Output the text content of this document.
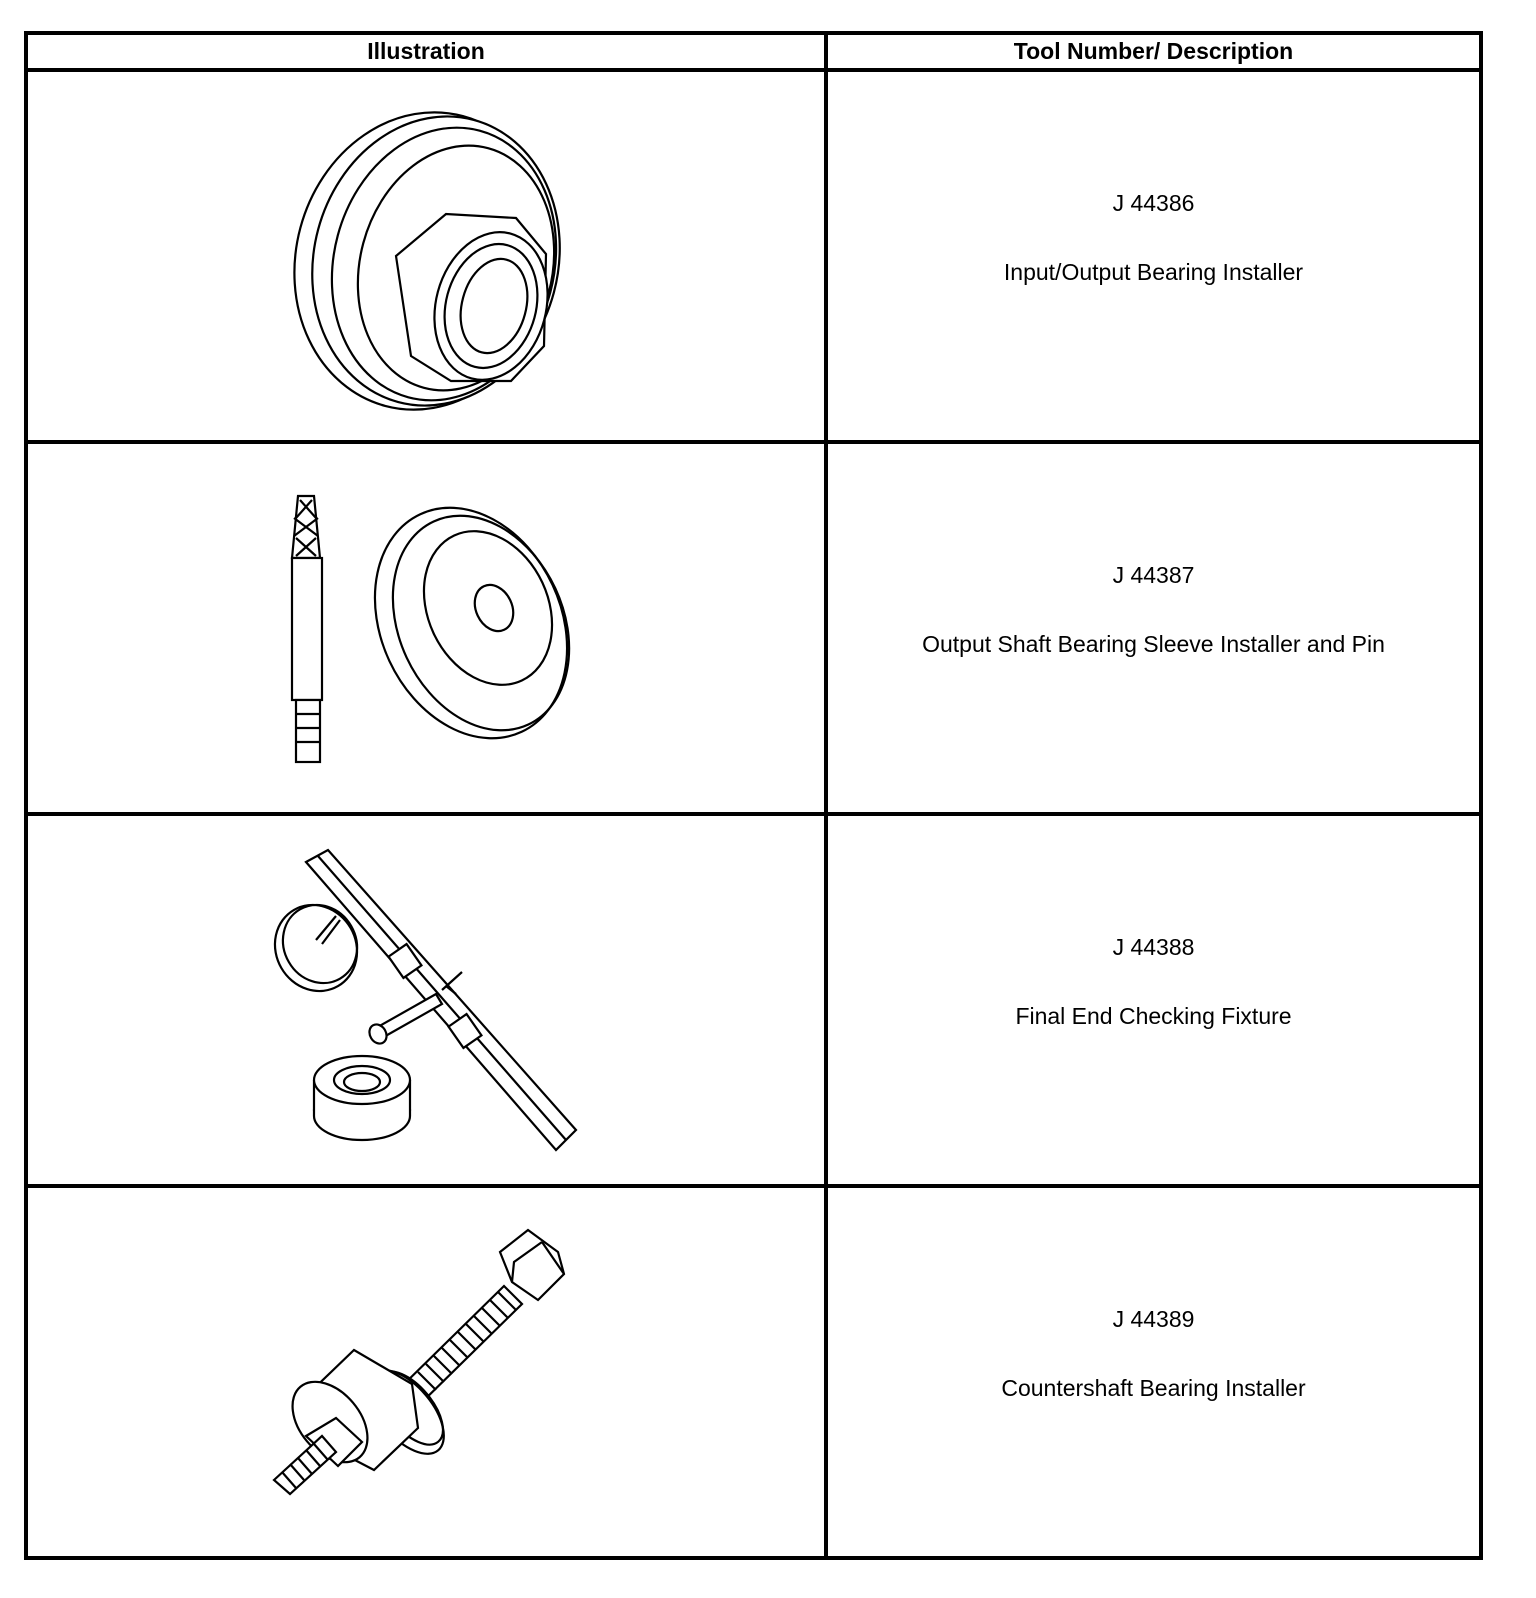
Illustration	Tool Number/ Description

J 44386
Input/Output Bearing Installer

J 44387
Output Shaft Bearing Sleeve Installer and Pin

J 44388
Final End Checking Fixture

J 44389
Countershaft Bearing Installer
